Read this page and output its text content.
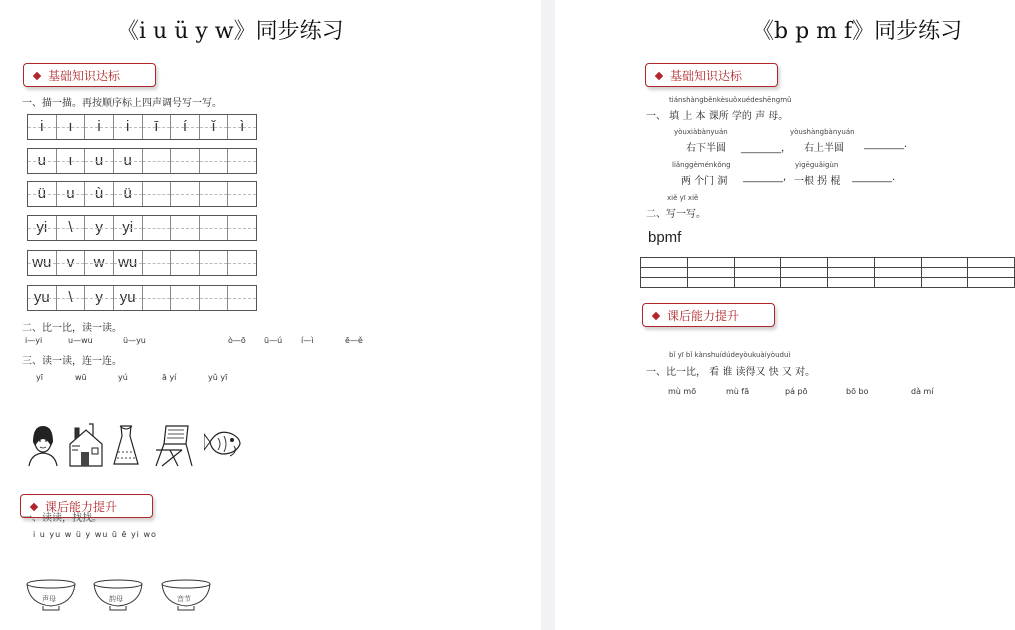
《i u ü y w》同步练习
基础知识达标
一、描一描。再按顺序标上四声调号写一写。
i	ı	i	i	ī	í	ǐ	ì
u	ι	u	u
ü	u	ù	ü
yi	\	y	yi
wu	v	w wu
yu	\	y	yu
二、比一比，读一读。
i—yi	u—wu	ü—yu	ò—ō ū—ú í—ì	ē—ě
三、读一读，连一连。
yī	wū	yú	ā yí	yǔ yī
课后能力提升
一、读读，找找。
i u yu w ü y wu ū ē yi wo
声母	韵母	音节
《b p m f》同步练习
基础知识达标
tiánshàngběnkèsuǒxuédeshēngmǔ
一、 填 上 本 课所 学的 声 母。
yòuxiàbànyuán
右下半圆 ________，
yòushàngbànyuán
右上半圆 ________.
liǎnggèménkǒng
两 个门 洞 ________,
yìgēguǎigùn
一根 拐 棍 ________.
xiě yī xiě
二、写一写。
bpmf
课后能力提升
bǐ yī bǐ kànshuídúdeyòukuàiyòuduì
一、比一比， 看 谁 读得又 快 又 对。
mù mō	mù fā	pá pō	bō bo	dà mí
